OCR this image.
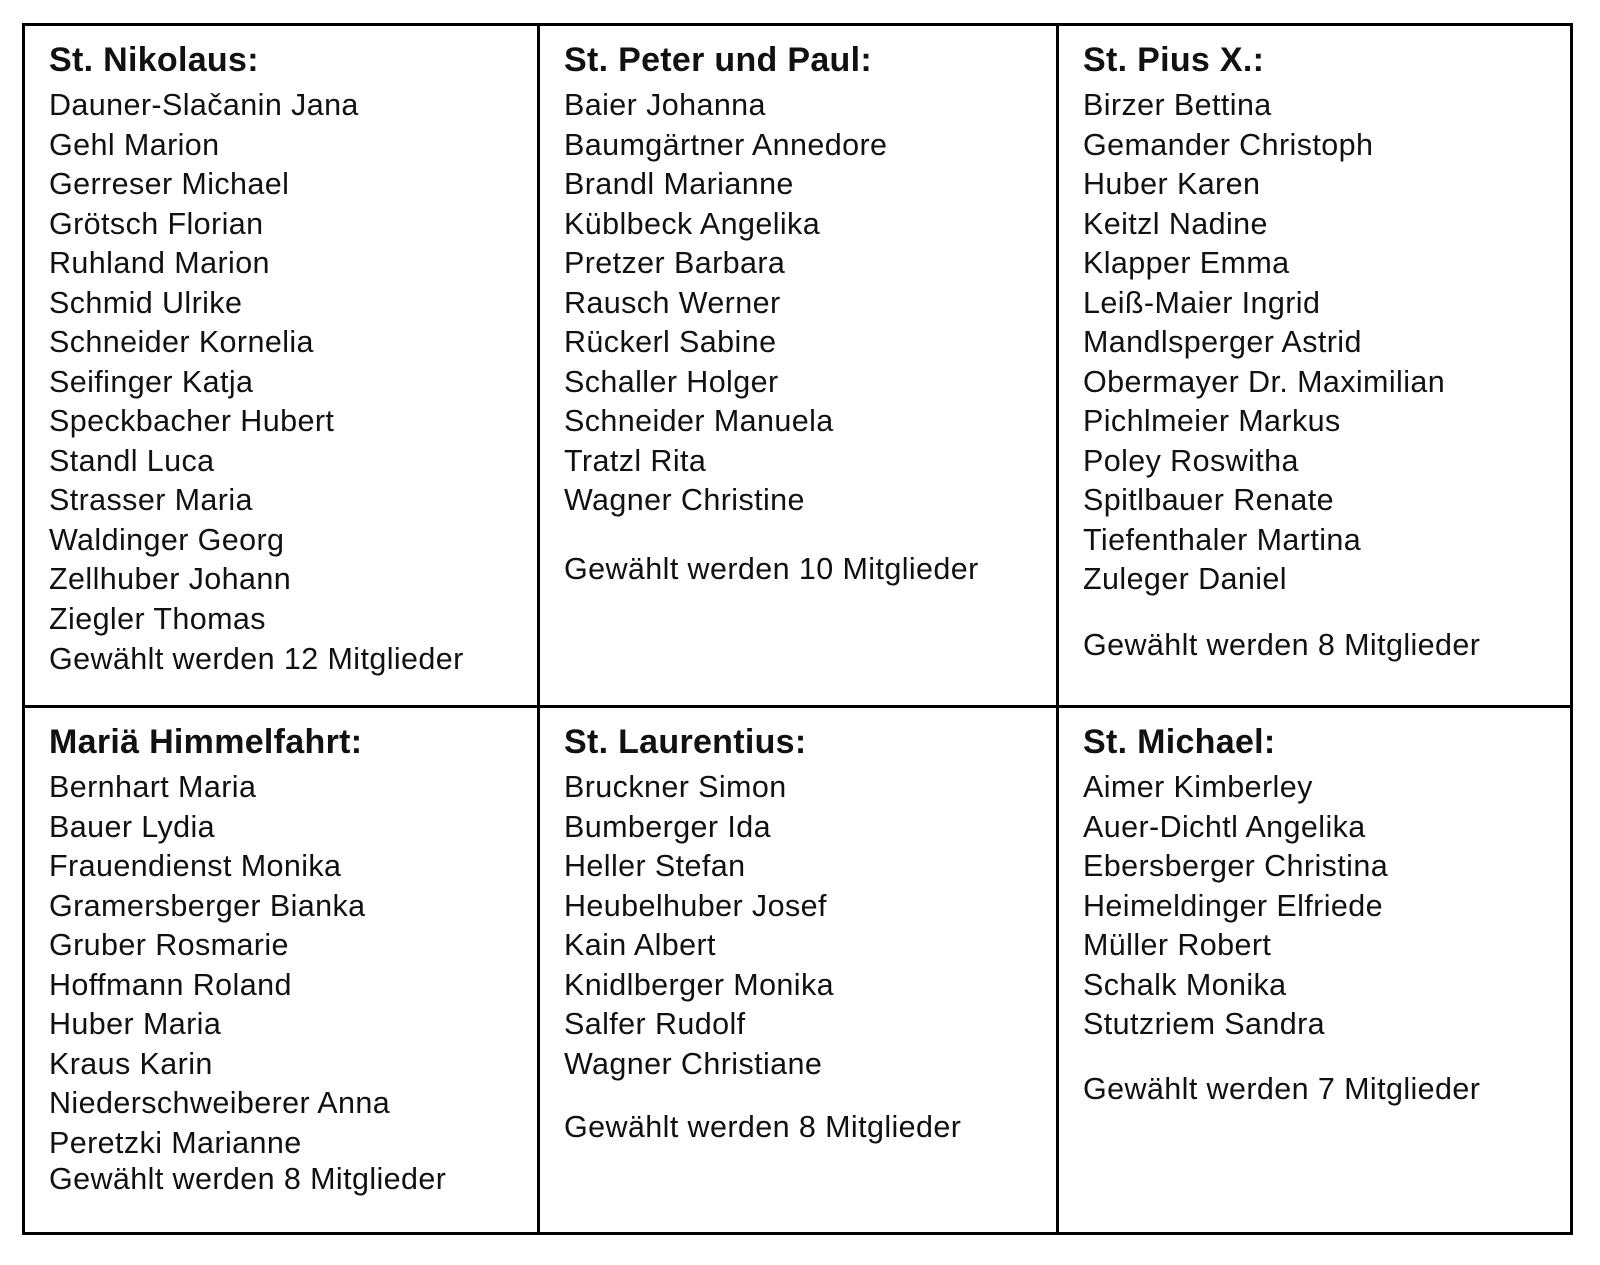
St. Nikolaus:
Dauner-Slačanin Jana
Gehl Marion
Gerreser Michael
Grötsch Florian
Ruhland Marion
Schmid Ulrike
Schneider Kornelia
Seifinger Katja
Speckbacher Hubert
Standl Luca
Strasser Maria
Waldinger Georg
Zellhuber Johann
Ziegler Thomas
Gewählt werden 12 Mitglieder
St. Peter und Paul:
Baier Johanna
Baumgärtner Annedore
Brandl Marianne
Küblbeck Angelika
Pretzer Barbara
Rausch Werner
Rückerl Sabine
Schaller Holger
Schneider Manuela
Tratzl Rita
Wagner Christine
Gewählt werden 10 Mitglieder
St. Pius X.:
Birzer Bettina
Gemander Christoph
Huber Karen
Keitzl Nadine
Klapper Emma
Leiß-Maier Ingrid
Mandlsperger Astrid
Obermayer Dr. Maximilian
Pichlmeier Markus
Poley Roswitha
Spitlbauer Renate
Tiefenthaler Martina
Zuleger Daniel
Gewählt werden 8 Mitglieder
Mariä Himmelfahrt:
Bernhart Maria
Bauer Lydia
Frauendienst Monika
Gramersberger Bianka
Gruber Rosmarie
Hoffmann Roland
Huber Maria
Kraus Karin
Niederschweiberer Anna
Peretzki Marianne
Gewählt werden 8 Mitglieder
St. Laurentius:
Bruckner Simon
Bumberger Ida
Heller Stefan
Heubelhuber Josef
Kain Albert
Knidlberger Monika
Salfer Rudolf
Wagner Christiane
Gewählt werden 8 Mitglieder
St. Michael:
Aimer Kimberley
Auer-Dichtl Angelika
Ebersberger Christina
Heimeldinger Elfriede
Müller Robert
Schalk Monika
Stutzriem Sandra
Gewählt werden 7 Mitglieder
